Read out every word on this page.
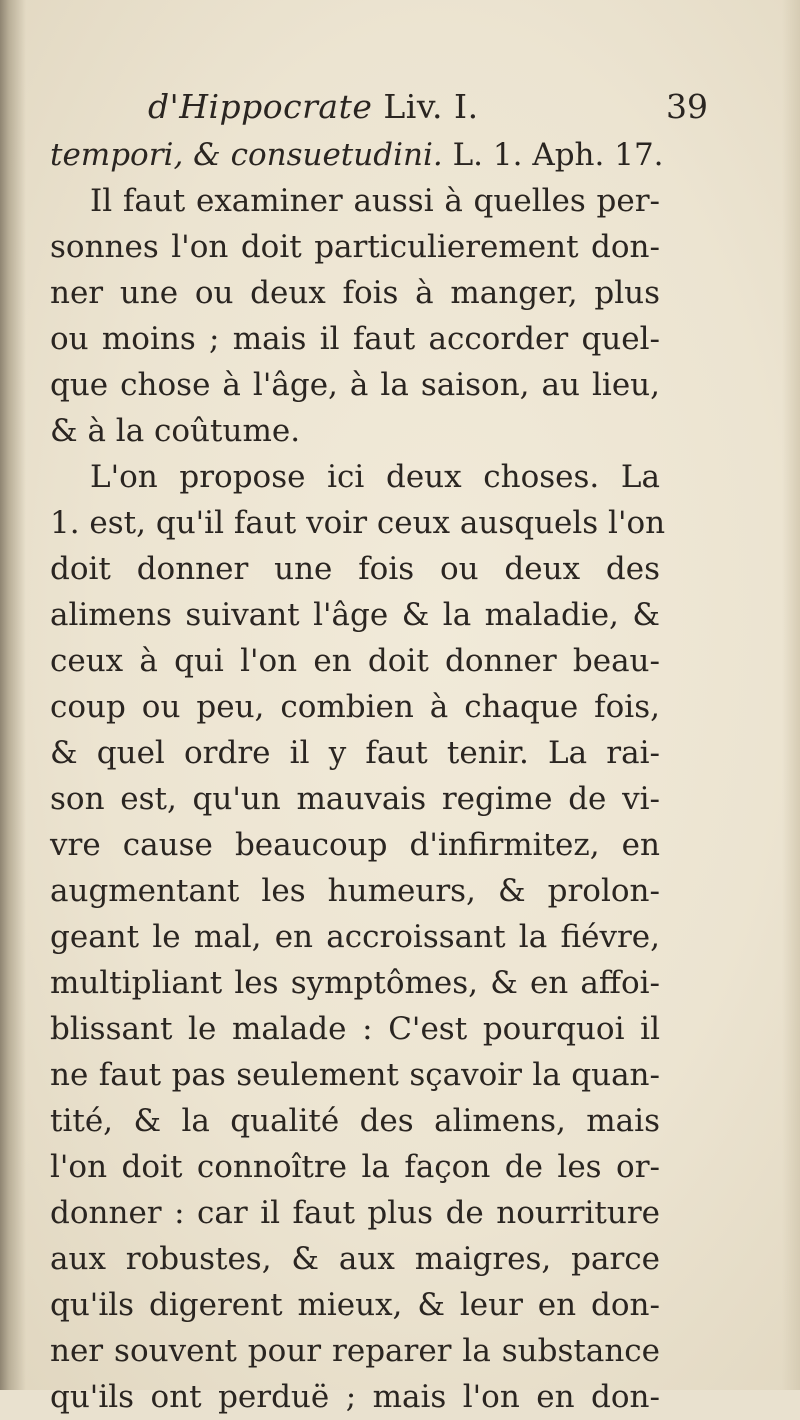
d'Hippocrate Liv. I.	39
tempori, & consuetudini. L. 1. Aph. 17.
Il faut examiner aussi à quelles per-
sonnes l'on doit particulierement don-
ner une ou deux fois à manger, plus
ou moins ; mais il faut accorder quel-
que chose à l'âge, à la saison, au lieu,
& à la coûtume.
L'on propose ici deux choses. La
1. est, qu'il faut voir ceux ausquels l'on
doit donner une fois ou deux des
alimens suivant l'âge & la maladie, &
ceux à qui l'on en doit donner beau-
coup ou peu, combien à chaque fois,
& quel ordre il y faut tenir. La rai-
son est, qu'un mauvais regime de vi-
vre cause beaucoup d'infirmitez, en
augmentant les humeurs, & prolon-
geant le mal, en accroissant la fiévre,
multipliant les symptômes, & en affoi-
blissant le malade : C'est pourquoi il
ne faut pas seulement sçavoir la quan-
tité, & la qualité des alimens, mais
l'on doit connoître la façon de les or-
donner : car il faut plus de nourriture
aux robustes, & aux maigres, parce
qu'ils digerent mieux, & leur en don-
ner souvent pour reparer la substance
qu'ils ont perduë ; mais l'on en don-
